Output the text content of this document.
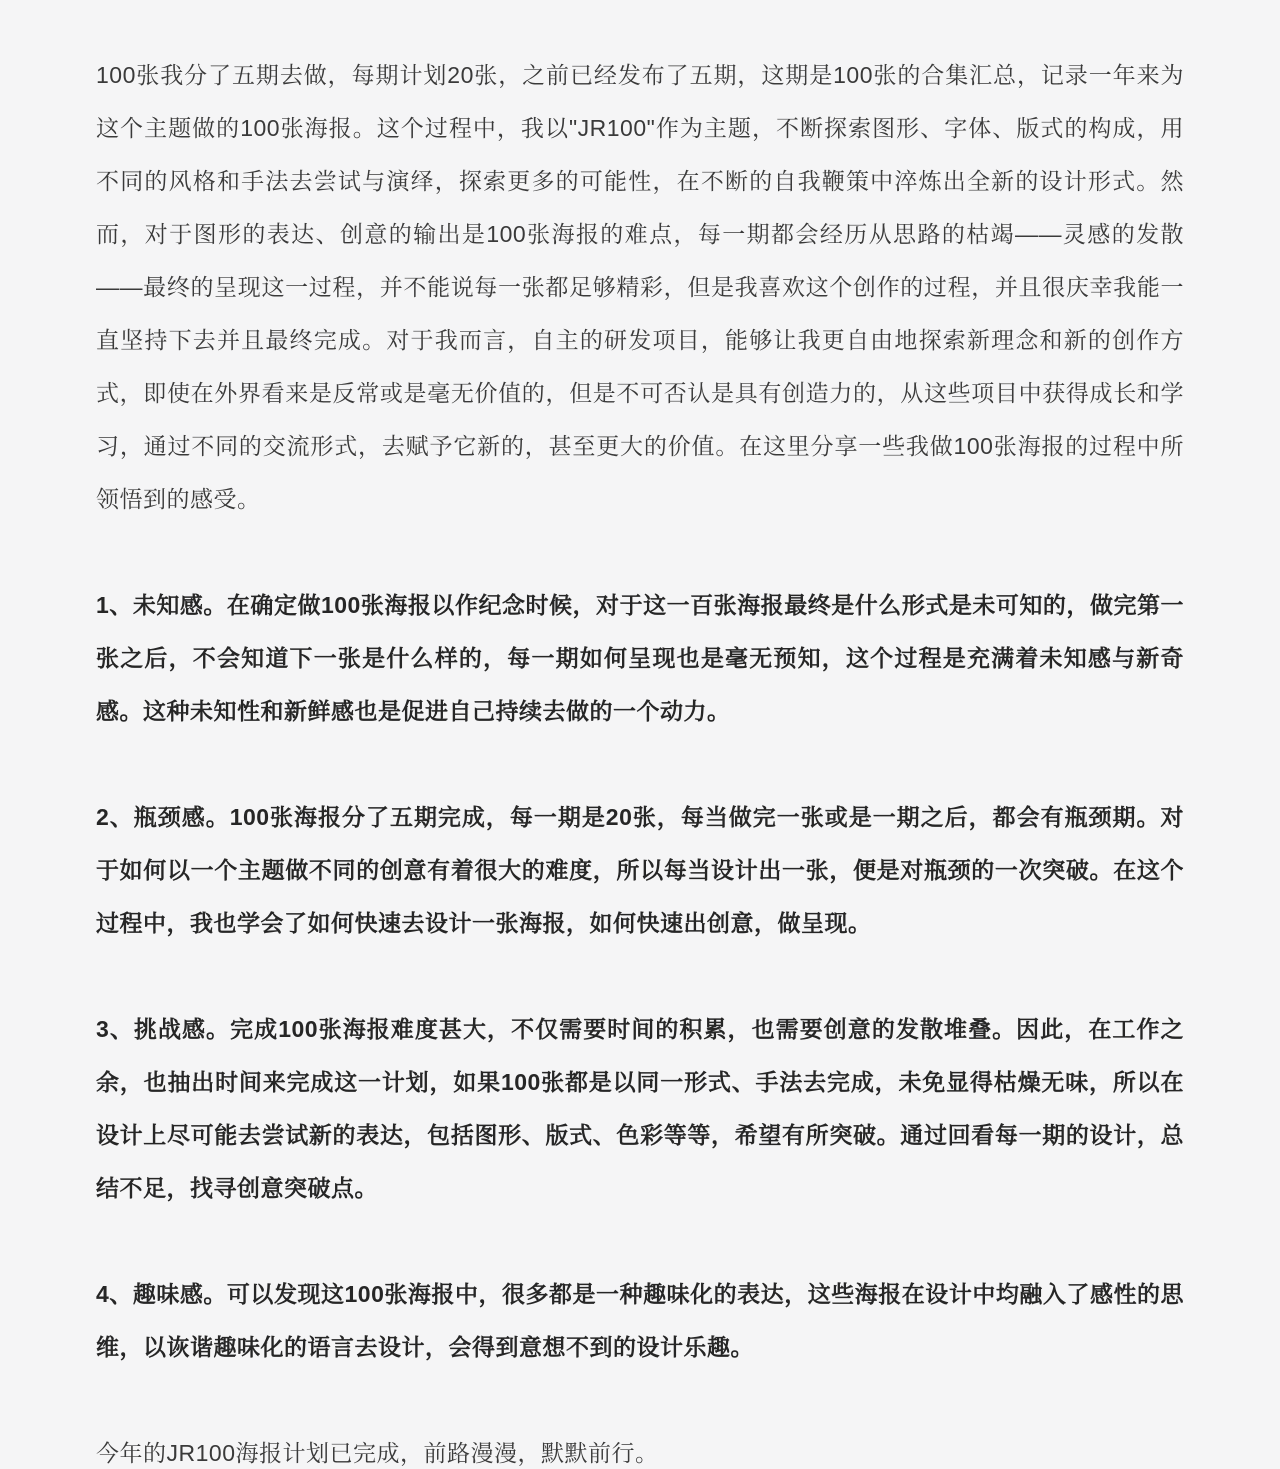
100张我分了五期去做，每期计划20张，之前已经发布了五期，这期是100张的合集汇总，记录一年来为这个主题做的100张海报。这个过程中，我以"JR100"作为主题，不断探索图形、字体、版式的构成，用不同的风格和手法去尝试与演绎，探索更多的可能性，在不断的自我鞭策中淬炼出全新的设计形式。然而，对于图形的表达、创意的输出是100张海报的难点，每一期都会经历从思路的枯竭——灵感的发散——最终的呈现这一过程，并不能说每一张都足够精彩，但是我喜欢这个创作的过程，并且很庆幸我能一直坚持下去并且最终完成。对于我而言，自主的研发项目，能够让我更自由地探索新理念和新的创作方式，即使在外界看来是反常或是毫无价值的，但是不可否认是具有创造力的，从这些项目中获得成长和学习，通过不同的交流形式，去赋予它新的，甚至更大的价值。在这里分享一些我做100张海报的过程中所领悟到的感受。

1、未知感。在确定做100张海报以作纪念时候，对于这一百张海报最终是什么形式是未可知的，做完第一张之后，不会知道下一张是什么样的，每一期如何呈现也是毫无预知，这个过程是充满着未知感与新奇感。这种未知性和新鲜感也是促进自己持续去做的一个动力。

2、瓶颈感。100张海报分了五期完成，每一期是20张，每当做完一张或是一期之后，都会有瓶颈期。对于如何以一个主题做不同的创意有着很大的难度，所以每当设计出一张，便是对瓶颈的一次突破。在这个过程中，我也学会了如何快速去设计一张海报，如何快速出创意，做呈现。

3、挑战感。完成100张海报难度甚大，不仅需要时间的积累，也需要创意的发散堆叠。因此，在工作之余，也抽出时间来完成这一计划，如果100张都是以同一形式、手法去完成，未免显得枯燥无味，所以在设计上尽可能去尝试新的表达，包括图形、版式、色彩等等，希望有所突破。通过回看每一期的设计，总结不足，找寻创意突破点。

4、趣味感。可以发现这100张海报中，很多都是一种趣味化的表达，这些海报在设计中均融入了感性的思维，以诙谐趣味化的语言去设计，会得到意想不到的设计乐趣。

今年的JR100海报计划已完成，前路漫漫，默默前行。
